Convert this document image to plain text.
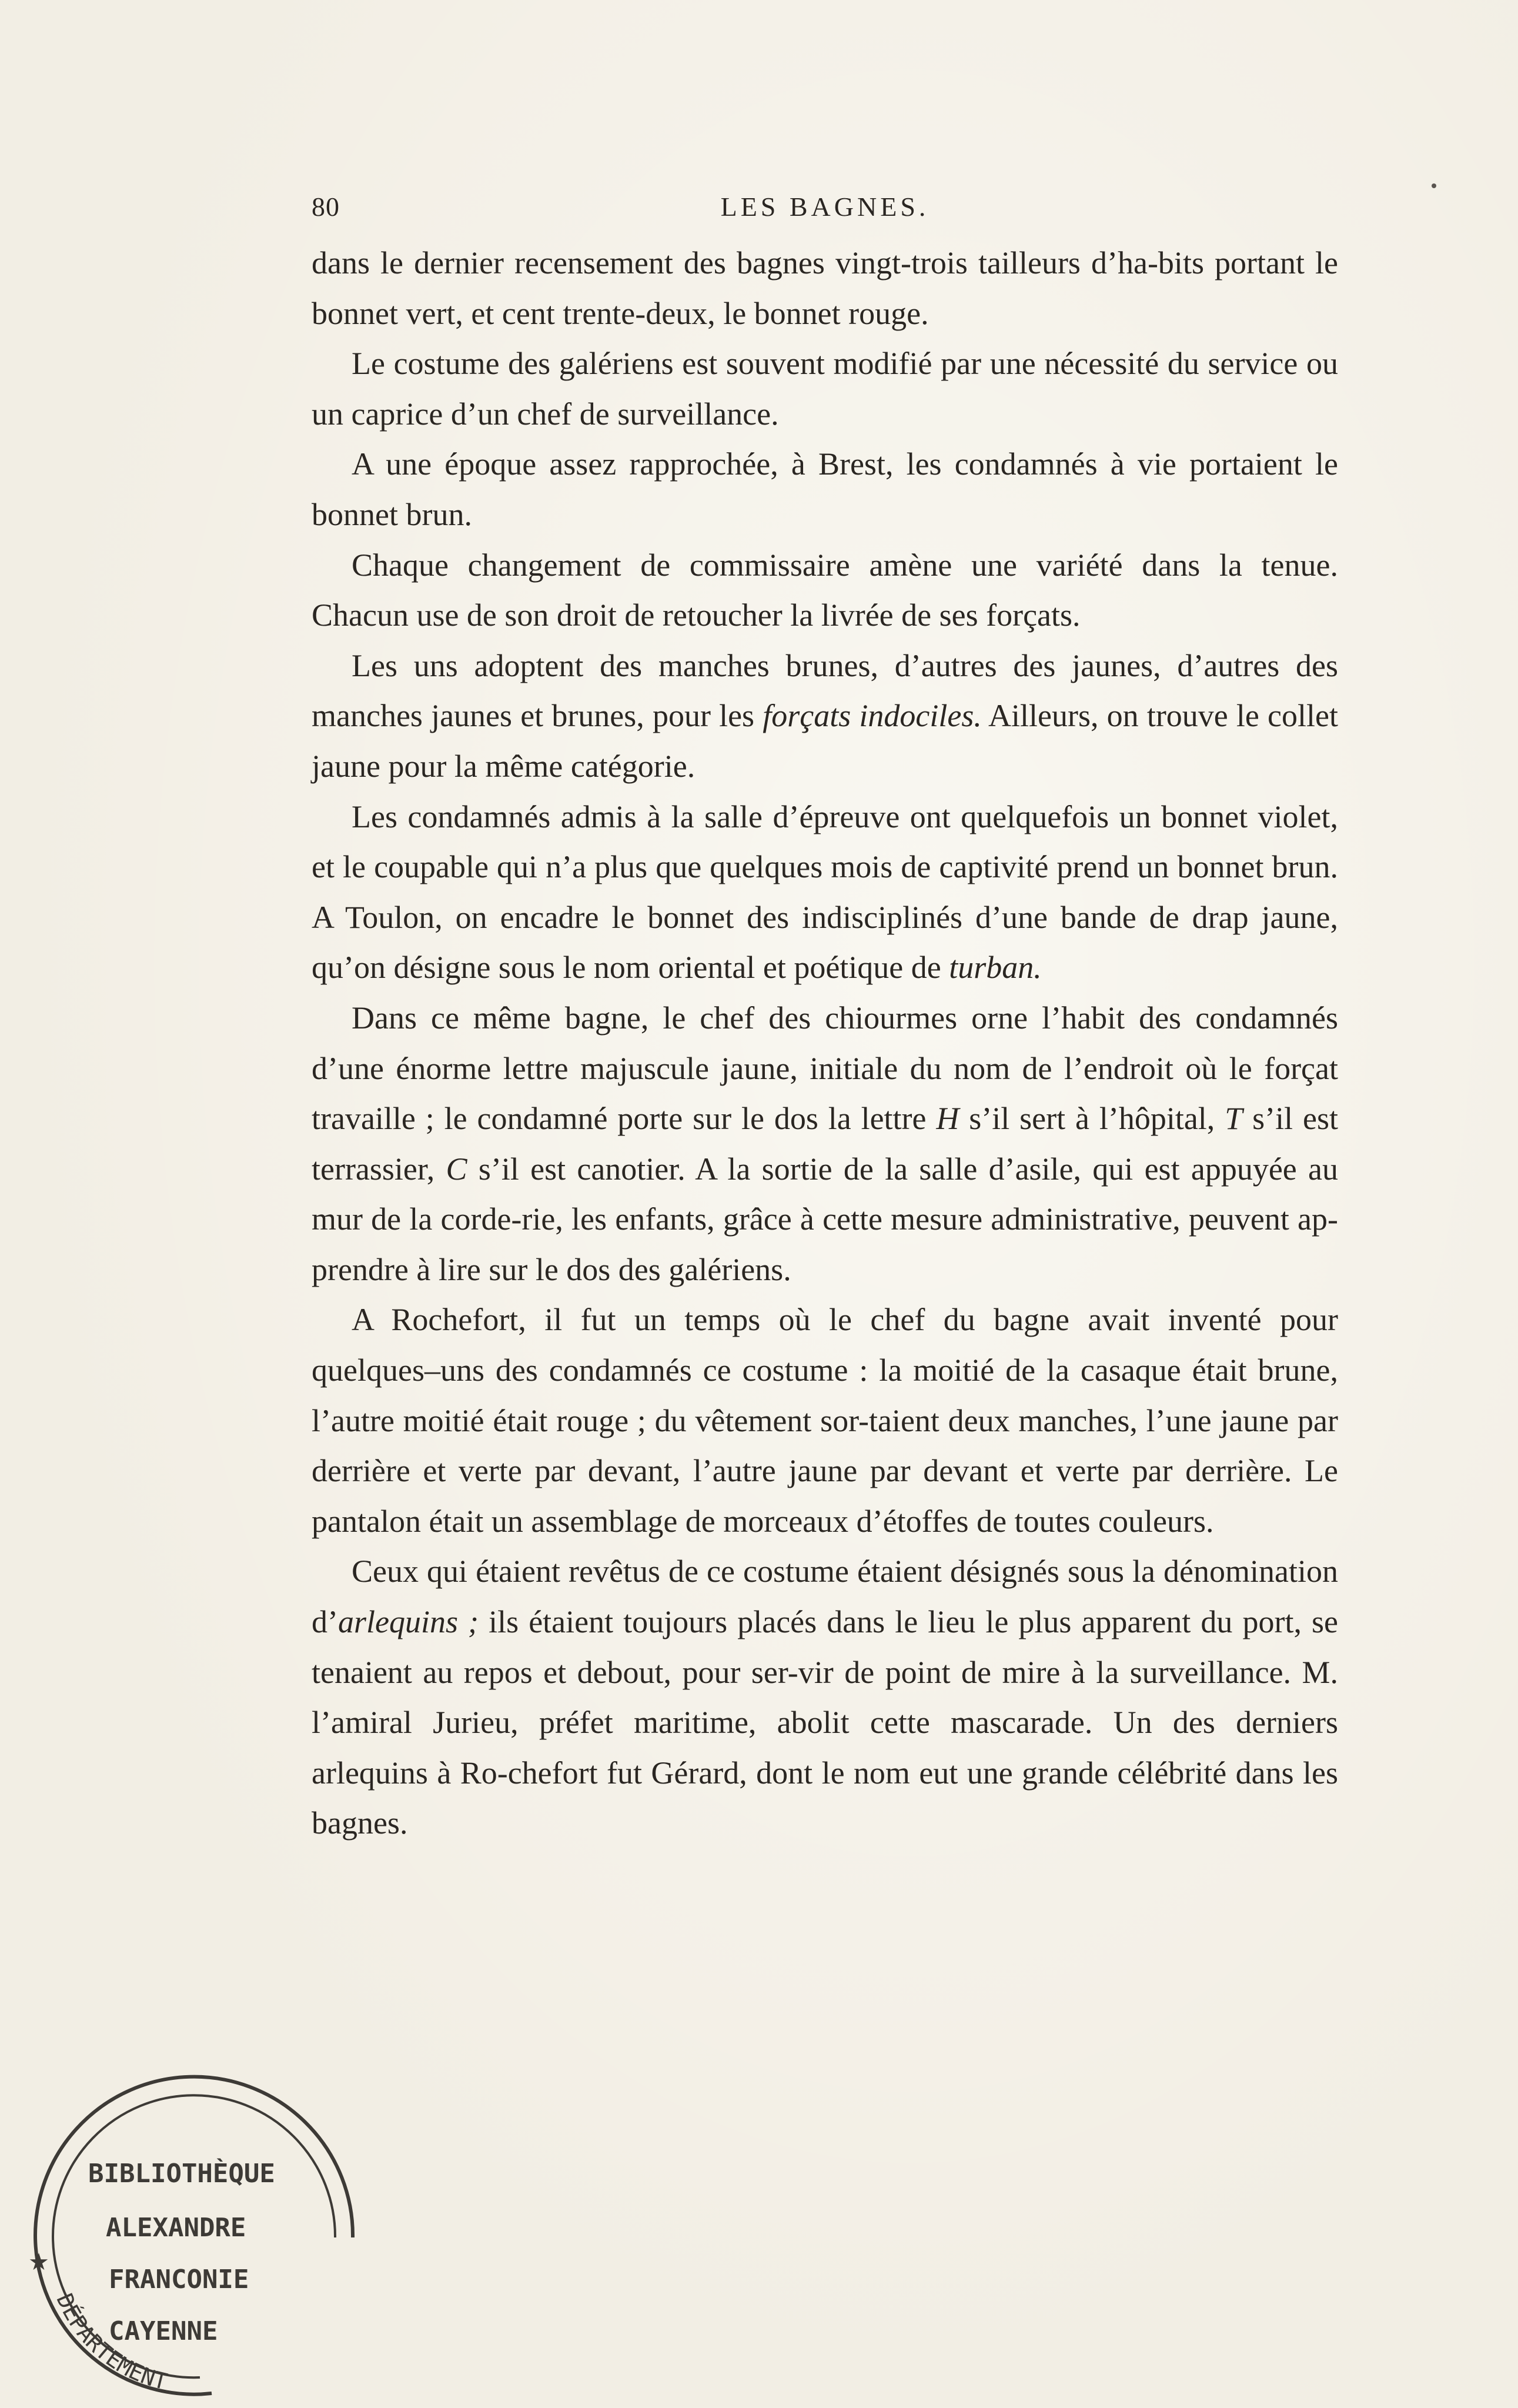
80	LES BAGNES.

dans le dernier recensement des bagnes vingt-trois tailleurs d’ha-bits portant le bonnet vert, et cent trente-deux, le bonnet rouge.

Le costume des galériens est souvent modifié par une nécessité du service ou un caprice d’un chef de surveillance.

A une époque assez rapprochée, à Brest, les condamnés à vie portaient le bonnet brun.

Chaque changement de commissaire amène une variété dans la tenue. Chacun use de son droit de retoucher la livrée de ses forçats.

Les uns adoptent des manches brunes, d’autres des jaunes, d’autres des manches jaunes et brunes, pour les forçats indociles. Ailleurs, on trouve le collet jaune pour la même catégorie.

Les condamnés admis à la salle d’épreuve ont quelquefois un bonnet violet, et le coupable qui n’a plus que quelques mois de captivité prend un bonnet brun. A Toulon, on encadre le bonnet des indisciplinés d’une bande de drap jaune, qu’on désigne sous le nom oriental et poétique de turban.

Dans ce même bagne, le chef des chiourmes orne l’habit des condamnés d’une énorme lettre majuscule jaune, initiale du nom de l’endroit où le forçat travaille ; le condamné porte sur le dos la lettre H s’il sert à l’hôpital, T s’il est terrassier, C s’il est canotier. A la sortie de la salle d’asile, qui est appuyée au mur de la corde-rie, les enfants, grâce à cette mesure administrative, peuvent ap-prendre à lire sur le dos des galériens.

A Rochefort, il fut un temps où le chef du bagne avait inventé pour quelques–uns des condamnés ce costume : la moitié de la casaque était brune, l’autre moitié était rouge ; du vêtement sor-taient deux manches, l’une jaune par derrière et verte par devant, l’autre jaune par devant et verte par derrière. Le pantalon était un assemblage de morceaux d’étoffes de toutes couleurs.

Ceux qui étaient revêtus de ce costume étaient désignés sous la dénomination d’arlequins ; ils étaient toujours placés dans le lieu le plus apparent du port, se tenaient au repos et debout, pour ser-vir de point de mire à la surveillance. M. l’amiral Jurieu, préfet maritime, abolit cette mascarade. Un des derniers arlequins à Ro-chefort fut Gérard, dont le nom eut une grande célébrité dans les bagnes.

★
BIBLIOTHÈQUE
ALEXANDRE
FRANCONIE
CAYENNE
DÉPARTEMENT
